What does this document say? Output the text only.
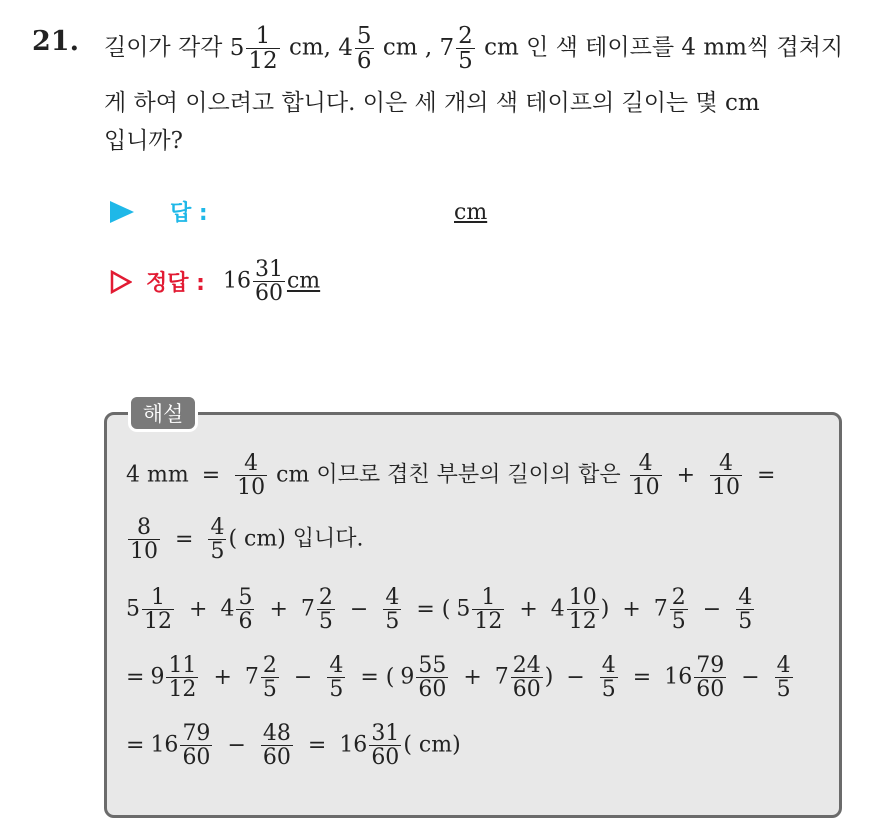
21. 길이가 각각 $5 \frac{1}{12}$ cm, $4 \frac{5}{6}$ cm , $7 \frac{2}{5}$ cm 인 색 테이프를 4 mm씩 겹쳐지
게 하여 이으려고 합니다. 이은 세 개의 색 테이프의 길이는 몇 cm
입니까?
답 :	cm
정답 : $16 \frac{31}{60}$ cm
해설
4 mm = $\frac{4}{10}$ cm 이므로 겹친 부분의 길이의 합은 $\frac{4}{10} + \frac{4}{10}$ =
$\frac{8}{10} = \frac{4}{5}$ ( cm) 입니다.
$5 \frac{1}{12} + 4 \frac{5}{6} + 7 \frac{2}{5} - \frac{4}{5}$ = ( $5 \frac{1}{12} + 4 \frac{10}{12}$ ) + $7 \frac{2}{5} - \frac{4}{5}$
= $9 \frac{11}{12} + 7 \frac{2}{5} - \frac{4}{5}$ = ( $9 \frac{55}{60} + 7 \frac{24}{60}$ ) − $\frac{4}{5} = 16 \frac{79}{60} - \frac{4}{5}$
= $16 \frac{79}{60} - \frac{48}{60} = 16 \frac{31}{60}$ ( cm)
